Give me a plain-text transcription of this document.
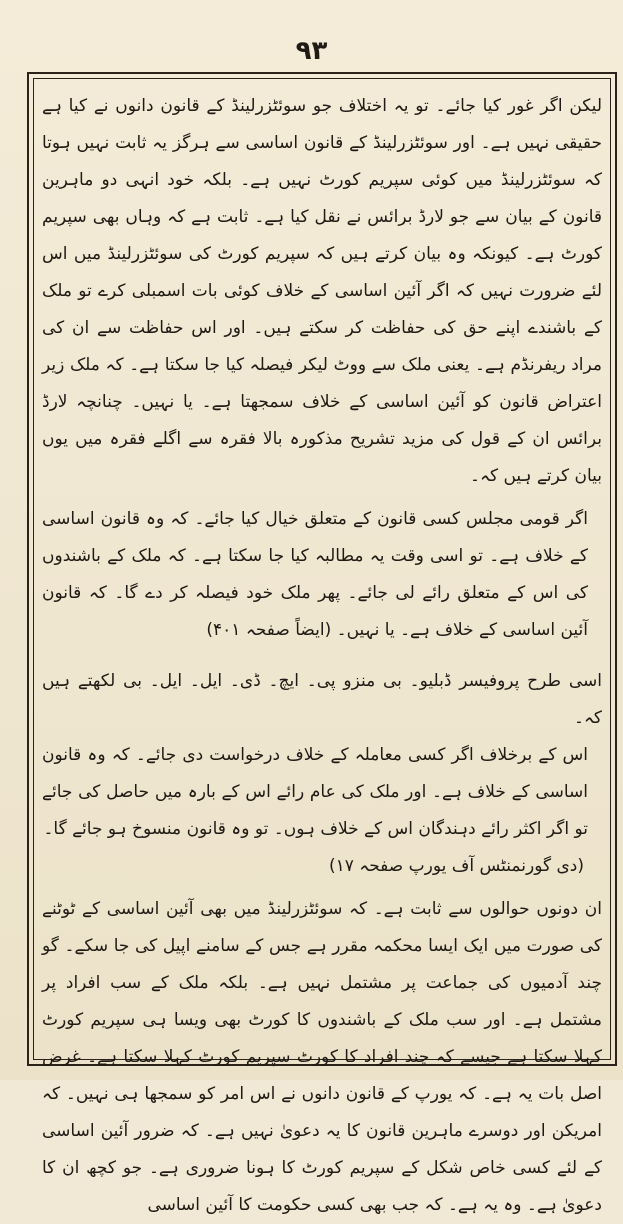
۹۳

لیکن اگر غور کیا جائے۔ تو یہ اختلاف جو سوئٹزرلینڈ کے قانون دانوں نے کیا ہے حقیقی نہیں ہے۔ اور سوئٹزرلینڈ کے قانون اساسی سے ہرگز یہ ثابت نہیں ہوتا کہ سوئٹزرلینڈ میں کوئی سپریم کورٹ نہیں ہے۔ بلکہ خود انہی دو ماہرین قانون کے بیان سے جو لارڈ برائس نے نقل کیا ہے۔ ثابت ہے کہ وہاں بھی سپریم کورٹ ہے۔ کیونکہ وہ بیان کرتے ہیں کہ سپریم کورٹ کی سوئٹزرلینڈ میں اس لئے ضرورت نہیں کہ اگر آئین اساسی کے خلاف کوئی بات اسمبلی کرے تو ملک کے باشندے اپنے حق کی حفاظت کر سکتے ہیں۔ اور اس حفاظت سے ان کی مراد ریفرنڈم ہے۔ یعنی ملک سے ووٹ لیکر فیصلہ کیا جا سکتا ہے۔ کہ ملک زیر اعتراض قانون کو آئین اساسی کے خلاف سمجھتا ہے۔ یا نہیں۔ چنانچہ لارڈ برائس ان کے قول کی مزید تشریح مذکورہ بالا فقرہ سے اگلے فقرہ میں یوں بیان کرتے ہیں کہ۔

اگر قومی مجلس کسی قانون کے متعلق خیال کیا جائے۔ کہ وہ قانون اساسی کے خلاف ہے۔ تو اسی وقت یہ مطالبہ کیا جا سکتا ہے۔ کہ ملک کے باشندوں کی اس کے متعلق رائے لی جائے۔ پھر ملک خود فیصلہ کر دے گا۔ کہ قانون آئین اساسی کے خلاف ہے۔ یا نہیں۔ (ایضاً صفحہ ۴۰۱)

اسی طرح پروفیسر ڈبلیو۔ بی منزو پی۔ ایچ۔ ڈی۔ ایل۔ ایل۔ بی لکھتے ہیں کہ۔

اس کے برخلاف اگر کسی معاملہ کے خلاف درخواست دی جائے۔ کہ وہ قانون اساسی کے خلاف ہے۔ اور ملک کی عام رائے اس کے بارہ میں حاصل کی جائے تو اگر اکثر رائے دہندگان اس کے خلاف ہوں۔ تو وہ قانون منسوخ ہو جائے گا۔

(دی گورنمنٹس آف یورپ صفحہ ۱۷)

ان دونوں حوالوں سے ثابت ہے۔ کہ سوئٹزرلینڈ میں بھی آئین اساسی کے ٹوٹنے کی صورت میں ایک ایسا محکمہ مقرر ہے جس کے سامنے اپیل کی جا سکے۔ گو چند آدمیوں کی جماعت پر مشتمل نہیں ہے۔ بلکہ ملک کے سب افراد پر مشتمل ہے۔ اور سب ملک کے باشندوں کا کورٹ بھی ویسا ہی سپریم کورٹ کہلا سکتا ہے جیسے کہ چند افراد کا کورٹ سپریم کورٹ کہلا سکتا ہے۔ غرض اصل بات یہ ہے۔ کہ یورپ کے قانون دانوں نے اس امر کو سمجھا ہی نہیں۔ کہ امریکن اور دوسرے ماہرین قانون کا یہ دعویٰ نہیں ہے۔ کہ ضرور آئین اساسی کے لئے کسی خاص شکل کے سپریم کورٹ کا ہونا ضروری ہے۔ جو کچھ ان کا دعویٰ ہے۔ وہ یہ ہے۔ کہ جب بھی کسی حکومت کا آئین اساسی
